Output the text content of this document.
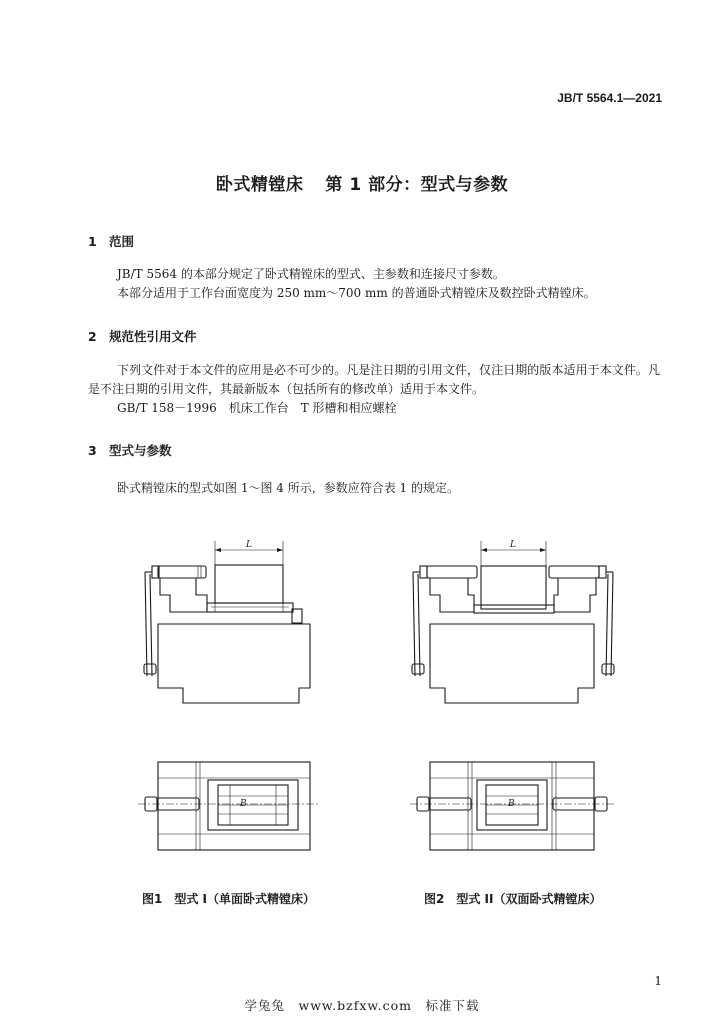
JB/T 5564.1—2021
卧式精镗床 第 1 部分：型式与参数
1 范围
JB/T 5564 的本部分规定了卧式精镗床的型式、主参数和连接尺寸参数。
本部分适用于工作台面宽度为 250 mm～700 mm 的普通卧式精镗床及数控卧式精镗床。
2 规范性引用文件
下列文件对于本文件的应用是必不可少的。凡是注日期的引用文件，仅注日期的版本适用于本文件。凡是不注日期的引用文件，其最新版本（包括所有的修改单）适用于本文件。
GB/T 158－1996　机床工作台　T 形槽和相应螺栓
3 型式与参数
卧式精镗床的型式如图 1～图 4 所示，参数应符合表 1 的规定。
L
B
L
B
图1　型式 I（单面卧式精镗床）	图2　型式 II（双面卧式精镗床）
1
学兔兔　www.bzfxw.com　标准下载
